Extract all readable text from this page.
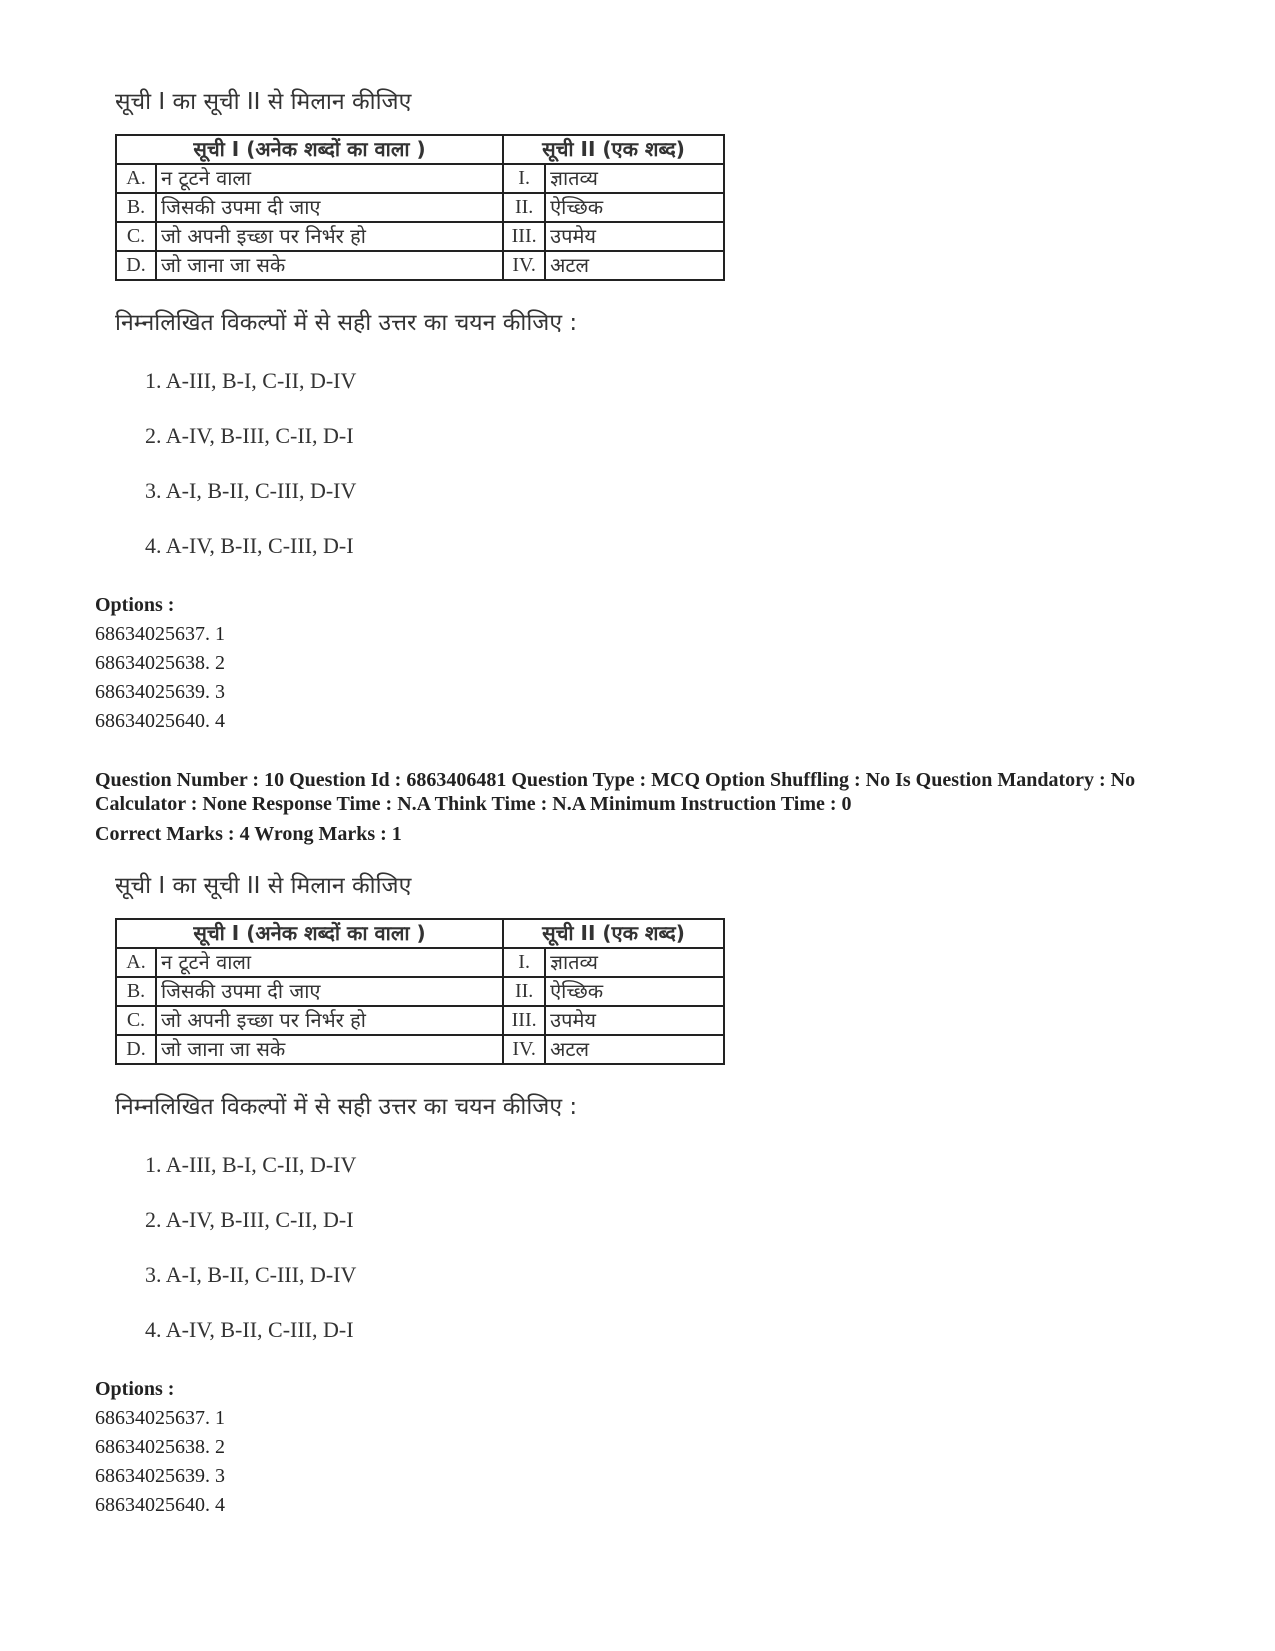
सूची I का सूची II से मिलान कीजिए
सूची I (अनेक शब्दों का वाला )		सूची II (एक शब्द)	
A.	न टूटने वाला	I.	ज्ञातव्य
B.	जिसकी उपमा दी जाए	II.	ऐच्छिक
C.	जो अपनी इच्छा पर निर्भर हो	III.	उपमेय
D.	जो जाना जा सके	IV.	अटल
निम्नलिखित विकल्पों में से सही उत्तर का चयन कीजिए :
1. A-III, B-I, C-II, D-IV
2. A-IV, B-III, C-II, D-I
3. A-I, B-II, C-III, D-IV
4. A-IV, B-II, C-III, D-I
Options :
68634025637. 1
68634025638. 2
68634025639. 3
68634025640. 4
Question Number : 10 Question Id : 6863406481 Question Type : MCQ Option Shuffling : No Is Question Mandatory : No Calculator : None Response Time : N.A Think Time : N.A Minimum Instruction Time : 0
Correct Marks : 4 Wrong Marks : 1
सूची I का सूची II से मिलान कीजिए
सूची I (अनेक शब्दों का वाला )		सूची II (एक शब्द)	
A.	न टूटने वाला	I.	ज्ञातव्य
B.	जिसकी उपमा दी जाए	II.	ऐच्छिक
C.	जो अपनी इच्छा पर निर्भर हो	III.	उपमेय
D.	जो जाना जा सके	IV.	अटल
निम्नलिखित विकल्पों में से सही उत्तर का चयन कीजिए :
1. A-III, B-I, C-II, D-IV
2. A-IV, B-III, C-II, D-I
3. A-I, B-II, C-III, D-IV
4. A-IV, B-II, C-III, D-I
Options :
68634025637. 1
68634025638. 2
68634025639. 3
68634025640. 4
